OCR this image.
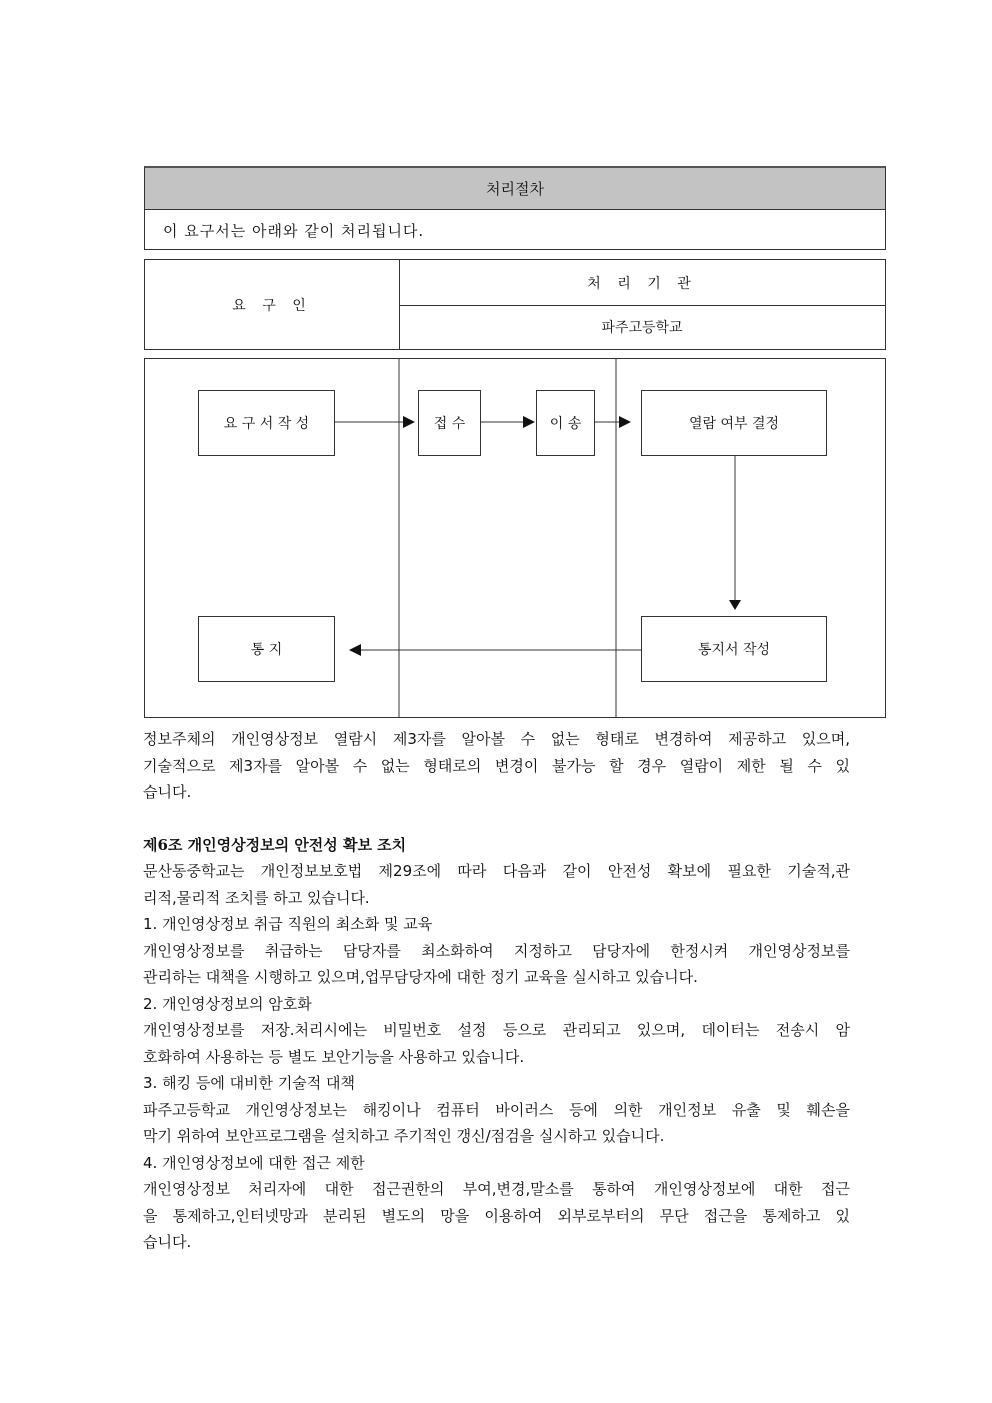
처리절차
이 요구서는 아래와 같이 처리됩니다.
요 구 인
처 리 기 관
파주고등학교
요 구 서 작 성	접 수	이 송	열람 여부 결정
통지서 작성
통 지
정보주체의 개인영상정보 열람시 제3자를 알아볼 수 없는 형태로 변경하여 제공하고 있으며,
기술적으로 제3자를 알아볼 수 없는 형태로의 변경이 불가능 할 경우 열람이 제한 될 수 있
습니다.
제6조 개인영상정보의 안전성 확보 조치
문산동중학교는 개인정보보호법 제29조에 따라 다음과 같이 안전성 확보에 필요한 기술적,관
리적,물리적 조치를 하고 있습니다.
1. 개인영상정보 취급 직원의 최소화 및 교육
개인영상정보를 취급하는 담당자를 최소화하여 지정하고 담당자에 한정시켜 개인영상정보를
관리하는 대책을 시행하고 있으며,업무담당자에 대한 정기 교육을 실시하고 있습니다.
2. 개인영상정보의 암호화
개인영상정보를 저장.처리시에는 비밀번호 설정 등으로 관리되고 있으며, 데이터는 전송시 암
호화하여 사용하는 등 별도 보안기능을 사용하고 있습니다.
3. 해킹 등에 대비한 기술적 대책
파주고등학교 개인영상정보는 해킹이나 컴퓨터 바이러스 등에 의한 개인정보 유출 및 훼손을
막기 위하여 보안프로그램을 설치하고 주기적인 갱신/점검을 실시하고 있습니다.
4. 개인영상정보에 대한 접근 제한
개인영상정보 처리자에 대한 접근권한의 부여,변경,말소를 통하여 개인영상정보에 대한 접근
을 통제하고,인터넷망과 분리된 별도의 망을 이용하여 외부로부터의 무단 접근을 통제하고 있
습니다.
